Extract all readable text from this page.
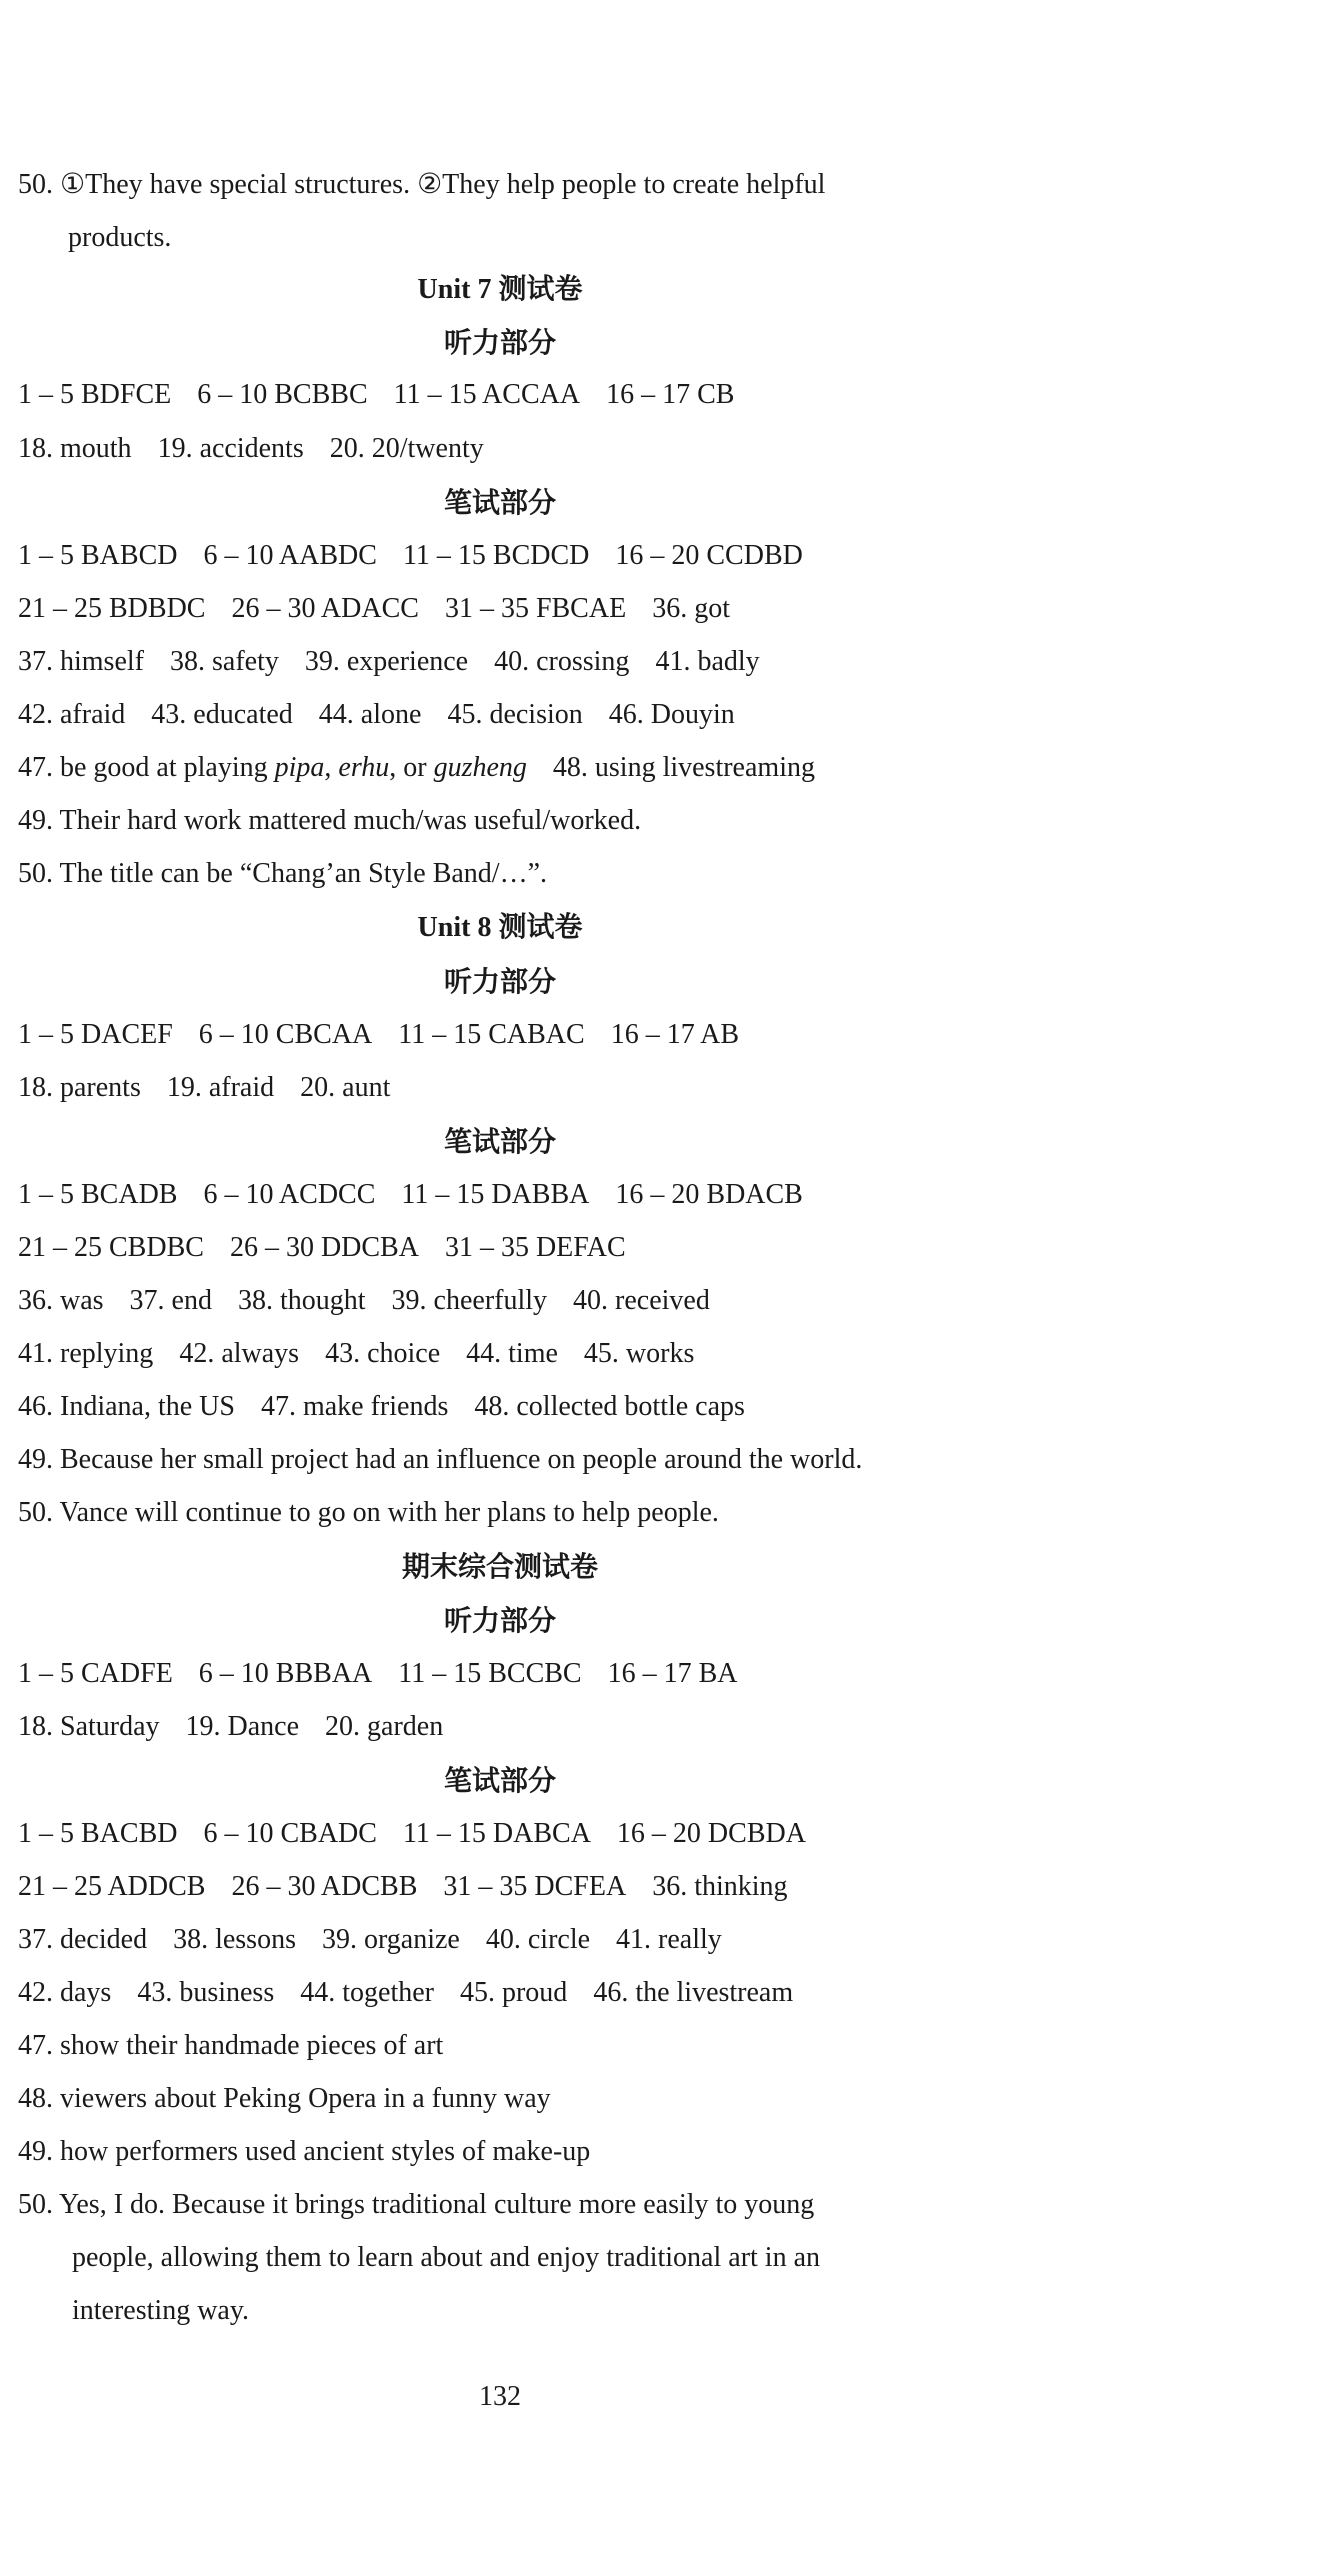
50. ①They have special structures. ②They help people to create helpful
products.
Unit 7 测试卷
听力部分
1 – 5 BDFCE 6 – 10 BCBBC 11 – 15 ACCAA 16 – 17 CB
18. mouth 19. accidents 20. 20/twenty
笔试部分
1 – 5 BABCD 6 – 10 AABDC 11 – 15 BCDCD 16 – 20 CCDBD
21 – 25 BDBDC 26 – 30 ADACC 31 – 35 FBCAE 36. got
37. himself 38. safety 39. experience 40. crossing 41. badly
42. afraid 43. educated 44. alone 45. decision 46. Douyin
47. be good at playing pipa, erhu, or guzheng 48. using livestreaming
49. Their hard work mattered much/was useful/worked.
50. The title can be “Chang’an Style Band/…”.
Unit 8 测试卷
听力部分
1 – 5 DACEF 6 – 10 CBCAA 11 – 15 CABAC 16 – 17 AB
18. parents 19. afraid 20. aunt
笔试部分
1 – 5 BCADB 6 – 10 ACDCC 11 – 15 DABBA 16 – 20 BDACB
21 – 25 CBDBC 26 – 30 DDCBA 31 – 35 DEFAC
36. was 37. end 38. thought 39. cheerfully 40. received
41. replying 42. always 43. choice 44. time 45. works
46. Indiana, the US 47. make friends 48. collected bottle caps
49. Because her small project had an influence on people around the world.
50. Vance will continue to go on with her plans to help people.
期末综合测试卷
听力部分
1 – 5 CADFE 6 – 10 BBBAA 11 – 15 BCCBC 16 – 17 BA
18. Saturday 19. Dance 20. garden
笔试部分
1 – 5 BACBD 6 – 10 CBADC 11 – 15 DABCA 16 – 20 DCBDA
21 – 25 ADDCB 26 – 30 ADCBB 31 – 35 DCFEA 36. thinking
37. decided 38. lessons 39. organize 40. circle 41. really
42. days 43. business 44. together 45. proud 46. the livestream
47. show their handmade pieces of art
48. viewers about Peking Opera in a funny way
49. how performers used ancient styles of make-up
50. Yes, I do. Because it brings traditional culture more easily to young
people, allowing them to learn about and enjoy traditional art in an
interesting way.
132
